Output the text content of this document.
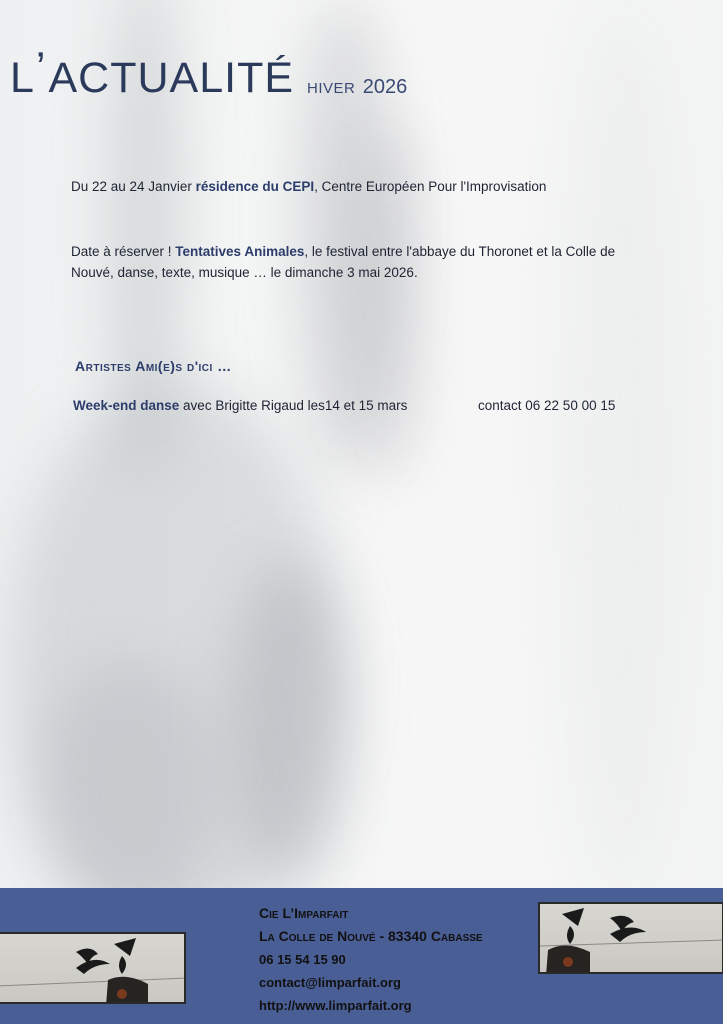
L’ACTUALITÉ HIVER 2026

Du 22 au 24 Janvier résidence du CEPI, Centre Européen Pour l'Improvisation

Date à réserver ! Tentatives Animales, le festival entre l'abbaye du Thoronet et la Colle de Nouvé, danse, texte, musique … le dimanche 3 mai 2026.

Artistes Ami(e)s d'ici …
Week-end danse avec Brigitte Rigaud les14 et 15 mars	contact 06 22 50 00 15
Cie L’Imparfait
La Colle de Nouvé - 83340 Cabasse
06 15 54 15 90
contact@limparfait.org
http://www.limparfait.org
